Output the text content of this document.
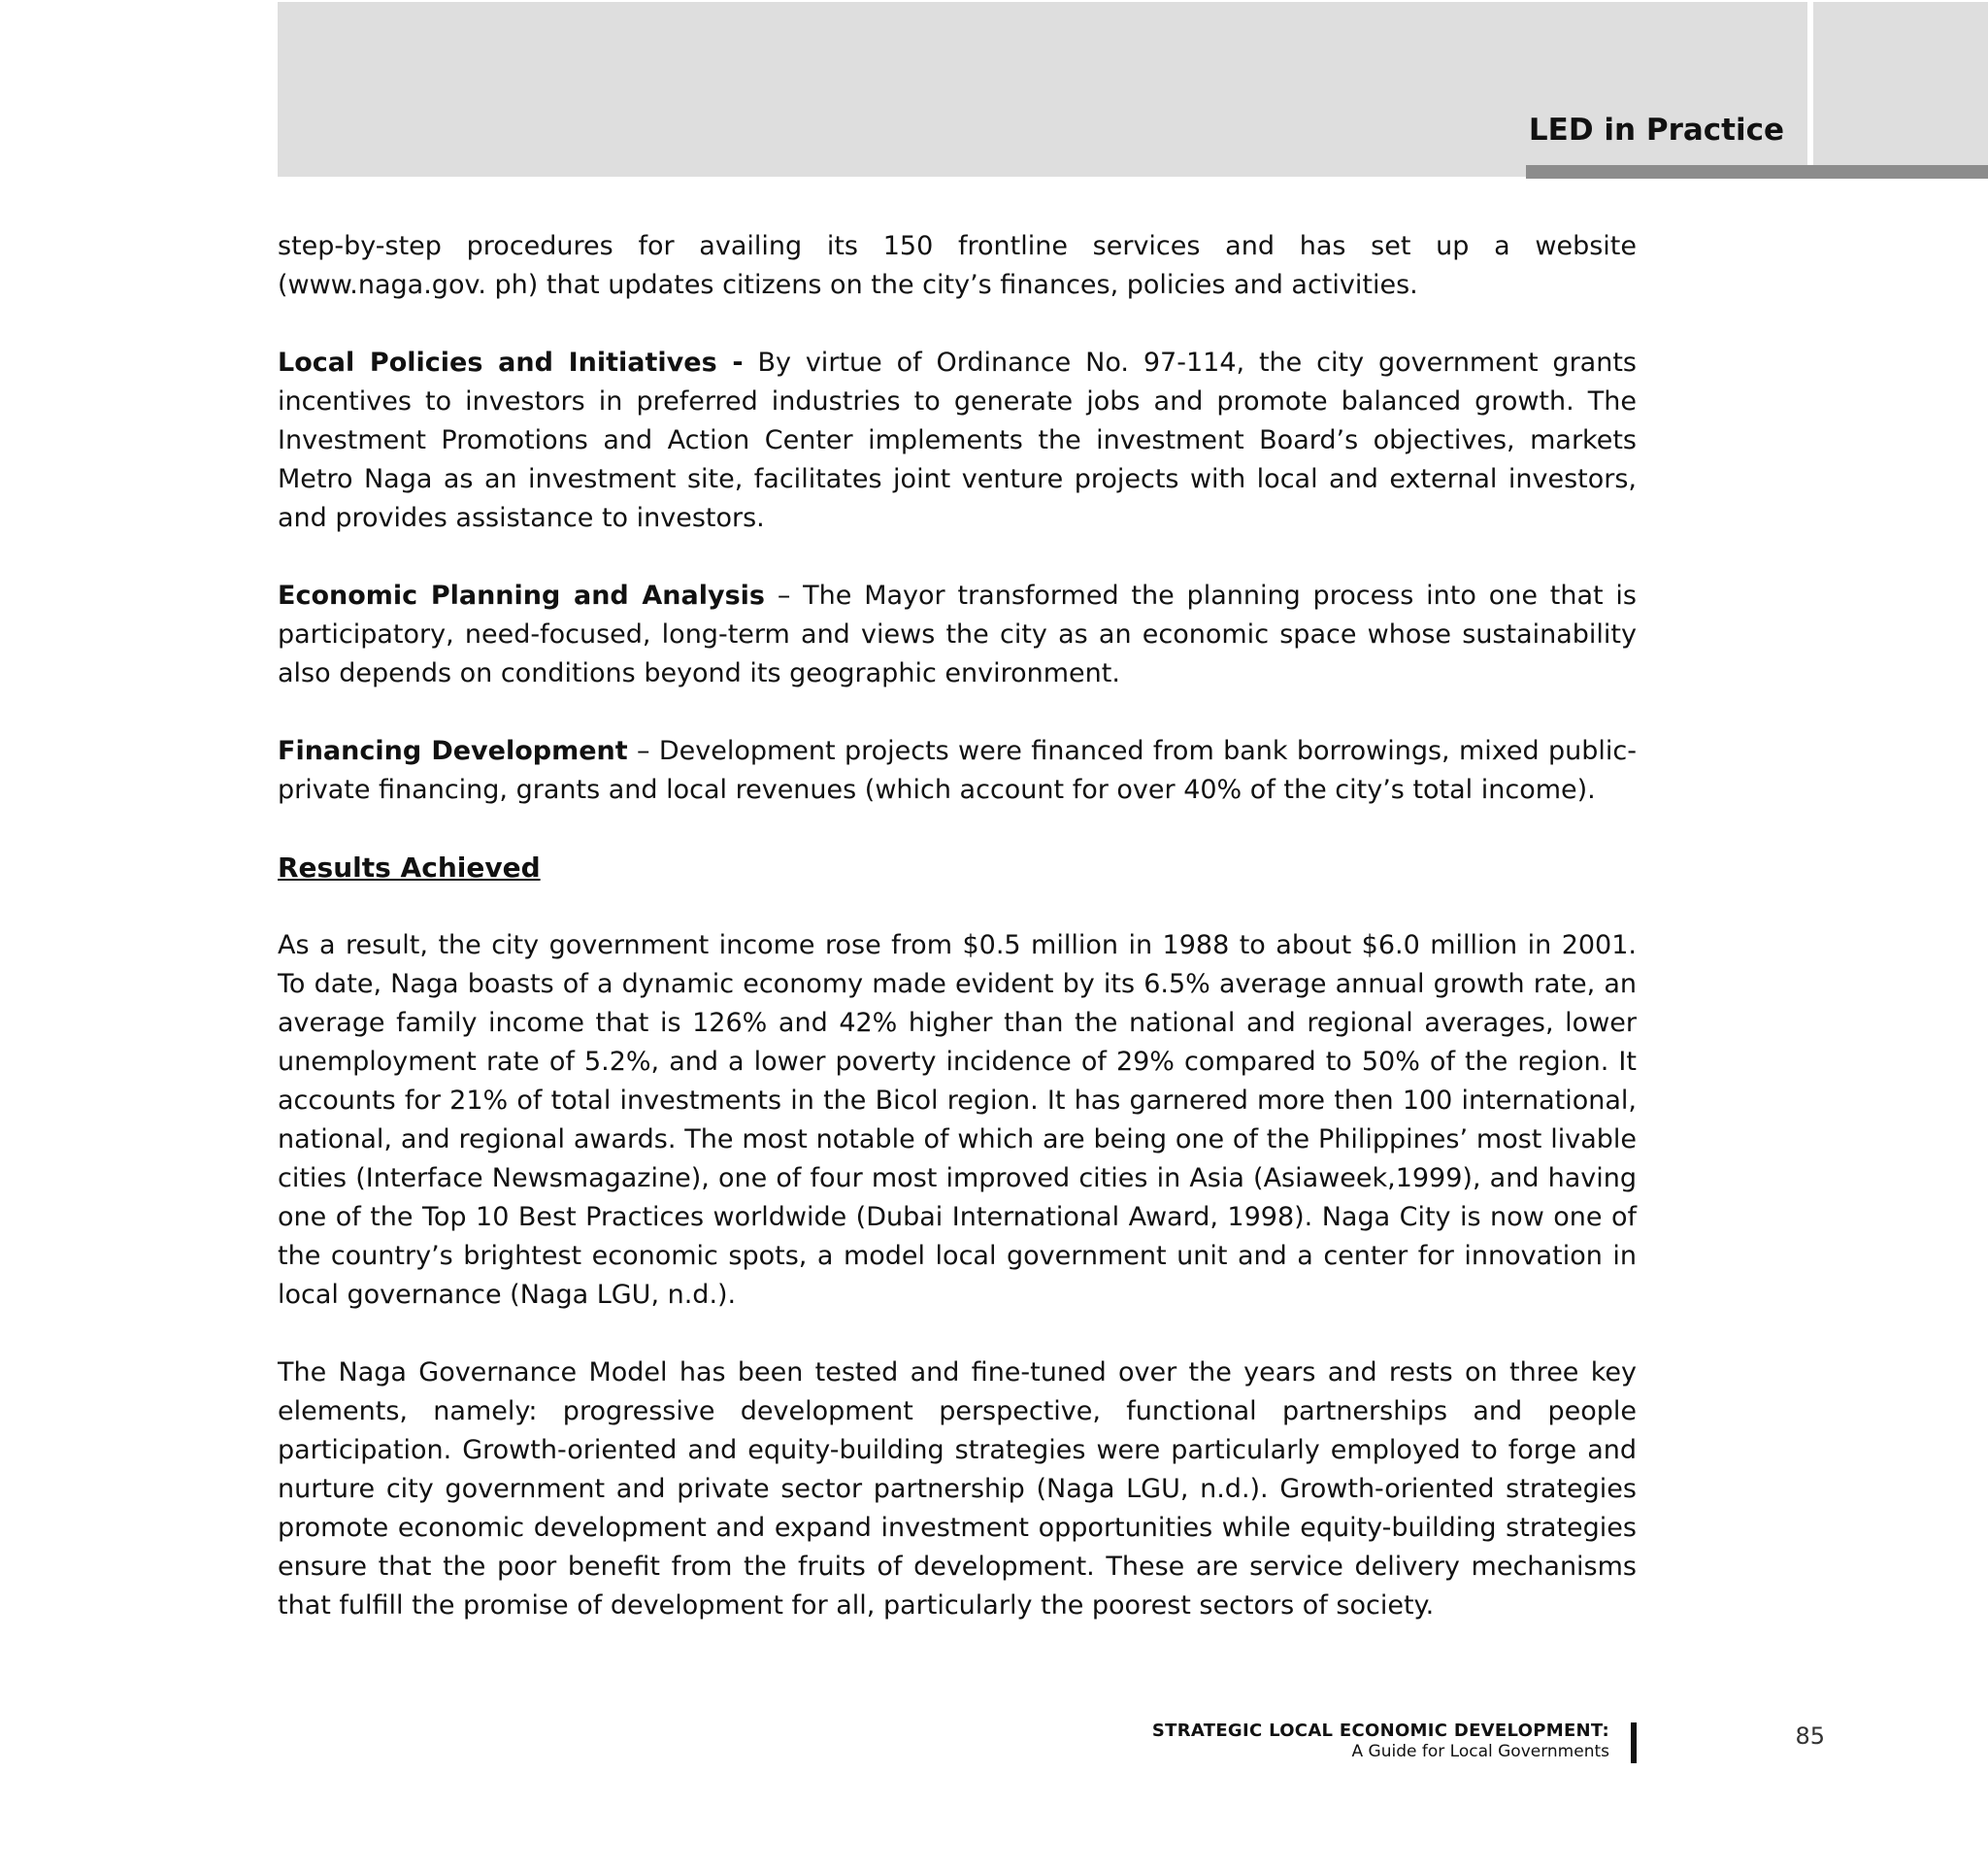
LED in Practice

step-by-step procedures for availing its 150 frontline services and has set up a website (www.naga.gov. ph) that updates citizens on the city’s finances, policies and activities.

Local Policies and Initiatives - By virtue of Ordinance No. 97-114, the city government grants incentives to investors in preferred industries to generate jobs and promote balanced growth. The Investment Promotions and Action Center implements the investment Board’s objectives, markets Metro Naga as an investment site, facilitates joint venture projects with local and external investors, and provides assistance to investors.

Economic Planning and Analysis – The Mayor transformed the planning process into one that is participatory, need-focused, long-term and views the city as an economic space whose sustainability also depends on conditions beyond its geographic environment.

Financing Development – Development projects were financed from bank borrowings, mixed public-private financing, grants and local revenues (which account for over 40% of the city’s total income).

Results Achieved

As a result, the city government income rose from $0.5 million in 1988 to about $6.0 million in 2001. To date, Naga boasts of a dynamic economy made evident by its 6.5% average annual growth rate, an average family income that is 126% and 42% higher than the national and regional averages, lower unemployment rate of 5.2%, and a lower poverty incidence of 29% compared to 50% of the region. It accounts for 21% of total investments in the Bicol region. It has garnered more then 100 international, national, and regional awards. The most notable of which are being one of the Philippines’ most livable cities (Interface Newsmagazine), one of four most improved cities in Asia (Asiaweek,1999), and having one of the Top 10 Best Practices worldwide (Dubai International Award, 1998). Naga City is now one of the country’s brightest economic spots, a model local government unit and a center for innovation in local governance (Naga LGU, n.d.).

The Naga Governance Model has been tested and fine-tuned over the years and rests on three key elements, namely: progressive development perspective, functional partnerships and people participation. Growth-oriented and equity-building strategies were particularly employed to forge and nurture city government and private sector partnership (Naga LGU, n.d.). Growth-oriented strategies promote economic development and expand investment opportunities while equity-building strategies ensure that the poor benefit from the fruits of development. These are service delivery mechanisms that fulfill the promise of development for all, particularly the poorest sectors of society.

STRATEGIC LOCAL ECONOMIC DEVELOPMENT:
A Guide for Local Governments
85
